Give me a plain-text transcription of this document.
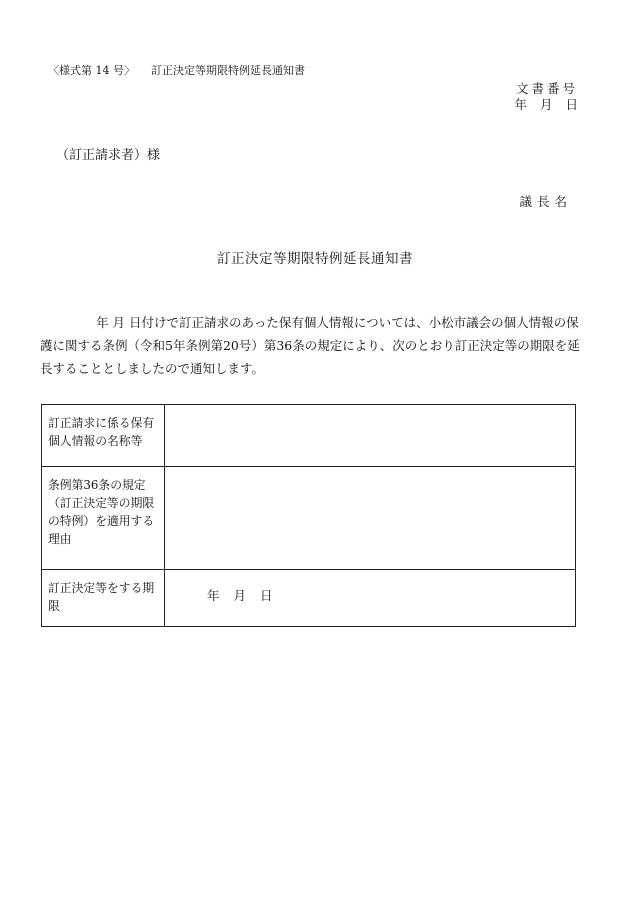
〈様式第 14 号〉 訂正決定等期限特例延長通知書
文書番号
年 月 日
（訂正請求者）様
議長名
訂正決定等期限特例延長通知書
年 月 日付けで訂正請求のあった保有個人情報については、小松市議会の個人情報の保護に関する条例（令和5年条例第20号）第36条の規定により、次のとおり訂正決定等の期限を延長することとしましたので通知します。
訂正請求に係る保有個人情報の名称等	
条例第36条の規定（訂正決定等の期限の特例）を適用する理由	
訂正決定等をする期限	年 月 日
